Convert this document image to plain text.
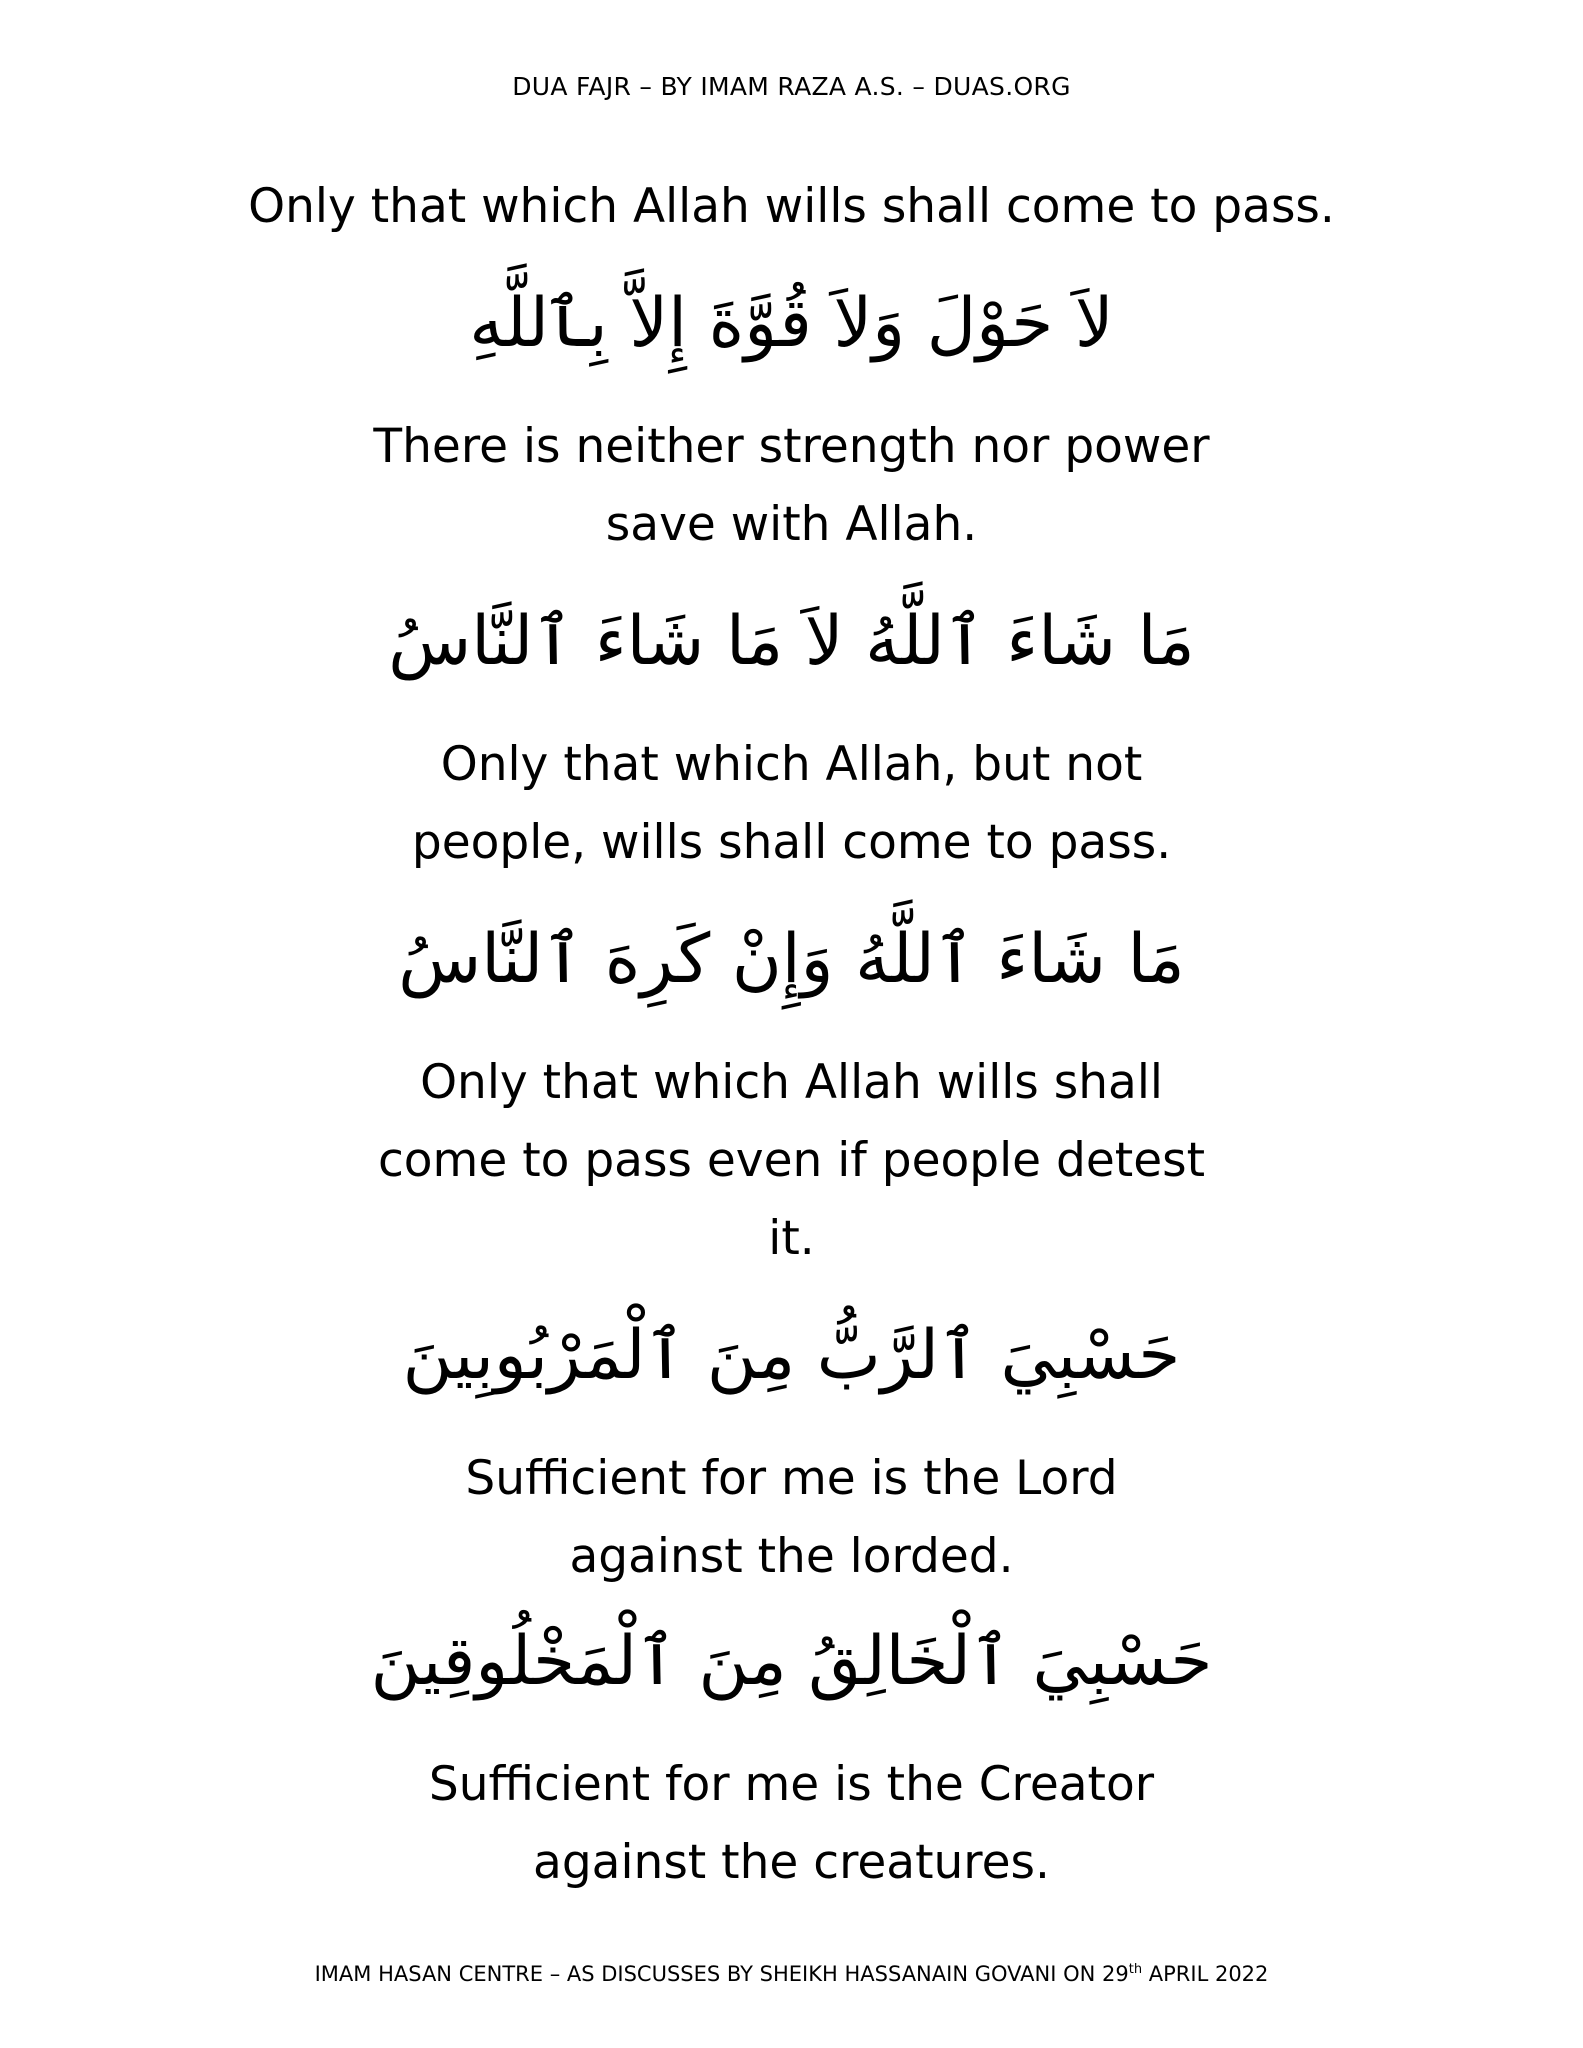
DUA FAJR – BY IMAM RAZA A.S. – DUAS.ORG

Only that which Allah wills shall come to pass.

لاَ حَوْلَ وَلاَ قُوَّةَ إِلاَّ بِٱللَّهِ

There is neither strength nor power save with Allah.

مَا شَاءَ ٱللَّهُ لاَ مَا شَاءَ ٱلنَّاسُ

Only that which Allah, but not people, wills shall come to pass.

مَا شَاءَ ٱللَّهُ وَإِنْ كَرِهَ ٱلنَّاسُ

Only that which Allah wills shall come to pass even if people detest it.

حَسْبِيَ ٱلرَّبُّ مِنَ ٱلْمَرْبُوبِينَ

Sufficient for me is the Lord against the lorded.

حَسْبِيَ ٱلْخَالِقُ مِنَ ٱلْمَخْلُوقِينَ

Sufficient for me is the Creator against the creatures.

IMAM HASAN CENTRE – AS DISCUSSES BY SHEIKH HASSANAIN GOVANI ON 29th APRIL 2022
